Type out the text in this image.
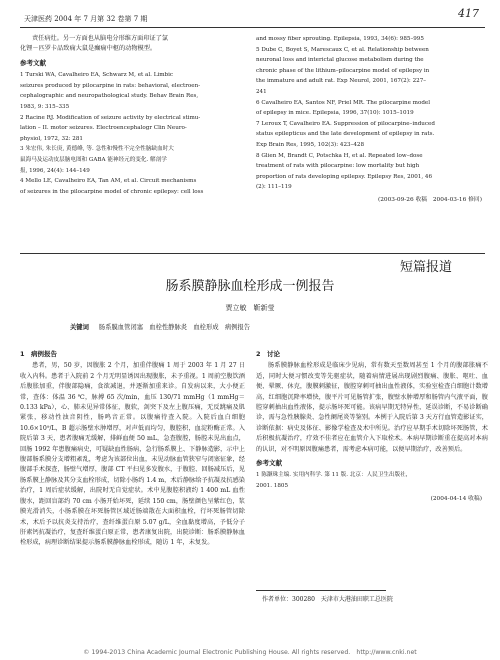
天津医药 2004 年 7 月第 32 卷第 7 期	417

责任病灶。另一方面也从脑电分形维方面印证了氯

化锂－匹罗卡品致痫大鼠是癫痫中枢的动物模型。

参考文献

1 Turski WA, Cavalheiro EA, Schwarz M, et al. Limbic

seizures produced by pilocarpine in rats: behavioral, electroen-

cephalographic and neuropathological study. Behav Brain Res,

1983, 9: 315–335

2 Racine RJ. Modification of seizure activity by electrical stimu-

lation – II. motor seizures. Electroencephalogr Clin Neuro-

physiol, 1972, 32: 281

3 朱宏伟, 朱长庚, 黄德峰, 等. 急性和慢性不完全性脑缺血时大

鼠海马及运动皮层脑电图和 GABA 能神经元的变化. 解剖学

报, 1996, 24(4): 144–149

4 Mello LE, Cavalheiro EA, Tan AM, et al. Circuit mechanisms

of seizures in the pilocarpine model of chronic epilepsy: cell loss

and mossy fiber sprouting. Epilepsia, 1993, 34(6): 985–995

5 Dube C, Boyet S, Marescaux C, et al. Relationship between

neuronal loss and interictal glucose metabolism during the

chronic phase of the lithium–pilocarpine model of epilepsy in

the immature and adult rat. Exp Neurol, 2001, 167(2): 227–

241

6 Cavalheiro EA, Santos NF, Priel MR. The pilocarpine model

of epilepsy in mice. Epilepsia, 1996, 37(10): 1015–1019

7 Leroux T, Cavalheiro EA. Suppression of pilocarpine–induced

status epilepticus and the late development of epilepsy in rats.

Exp Brain Res, 1995, 102(3): 423–428

8 Glien M, Brandt C, Potschka H, et al. Repeated low–dose

treatment of rats with pilocarpine: low mortality but high

proportion of rats developing epilepsy. Epilepsy Res, 2001, 46

(2): 111–119

(2003-09-26 收稿　2004-03-16 修回)

短篇报道
肠系膜静脉血栓形成一例报告
贾立敏　靳新莹
关键词 肠系膜血管闭塞　血栓性静脉炎　血栓形成　病例报告

1　病例报告

患者，男，50 岁，因腹胀 2 个月，加重伴腹痛 1 周于 2003 年 1 月 27 日收入内科。患者于入院前 2 个月无明显诱因出现腹胀，未予重视。1 周前空腹饮酒后腹胀加重，伴腹部隐痛，食欲减退，并逐渐加重来诊。自发病以来，大小便正常，查体：体温 36 ℃，脉搏 65 次/min，血压 130/71 mmHg（1 mmHg＝0.133 kPa），心、肺未见异常体征，腹软，剑突下及左上腹压痛，无反跳痛及肌紧张，移动性浊音阴性，肠鸣音正常。以腹痛待查入院。入院后血白细胞 10.6×10⁹/L，B 超示肠壁水肿增厚，对声低而均匀，腹腔积，血淀粉酶正常。入院后第 3 天，患者腹痛无缓解，排鲜血便 50 mL，急查腹腔，肠腔未见出血点，回肠 1992 年患腹痛病史，可疑缺血性肠病，急行肠系膜上、下静脉造影，示中上腹部肠系膜分支增粗紊乱，考虑为该部位出血，未见动脉血管狭窄与闭塞征象，经腹部手术探查，肠壁气增厚，腹部 CT 平扫见多发腹水，于腹腔、回肠减压后，见肠系膜上静脉及其分支血栓形成，切除小肠约 1.4 m，术后静脉给予抗凝及抗感染治疗，1 周后症状缓解，出院时无自觉症状。术中见腹腔积液约 1 400 mL 血性腹水，距回盲部约 70 cm 小肠开始坏死，延续 150 cm，肠壁颜色呈紫红色，浆膜光滑消失，小肠系膜在坏死肠管区域近肠端散在大面积血栓，行坏死肠管切除术，术后予以抗炎支持治疗，查纤维蛋白原 5.07 g/L，全血黏度增高，予低分子肝素钙抗凝治疗，复查纤维蛋白原正常，患者康复出院，出院诊断：肠系膜静脉血栓形成，病理诊断结果提示肠系膜静脉血栓形成，随访 1 年，未复发。

2　讨论

肠系膜静脉血栓形成是临床少见病，常有数天至数周甚至 1 个月的腹部胀痛不适，同时大便习惯改变等先驱症状，随着病情进展出现剧烈腹痛、腹胀、呕吐、血便、晕厥、休克，腹膜刺激征，腹腔穿刺可抽出血性液体，实验室检查白细胞计数增高，红细胞沉降率增快，腹平片可见肠管扩张，腹壁水肿增厚和肠管内气液平面，腹腔穿刺抽出血性液体，提示肠坏死可能。该病早期无特异性，延误诊断，不易诊断确诊，需与急性胰腺炎、急性阑尾炎等鉴别。本例于入院后第 3 天方行血管造影证实，诊断依据：病史及体征、影像学检查及术中所见。治疗应早期手术切除坏死肠管，术后积极抗凝治疗，疗效不佳者应在血管介入下取栓术。本病早期诊断重在提高对本病的认识，对不明原因腹痛患者，需考虑本病可能，以便早期治疗，改善预后。

参考文献

1 陈灏珠主编. 实用内科学. 第 11 版. 北京：人民卫生出版社，

2001. 1805

(2004-04-14 收稿)

作者单位：300280　天津市大港油田职工总医院
© 1994-2013 China Academic Journal Electronic Publishing House. All rights reserved.　http://www.cnki.net
